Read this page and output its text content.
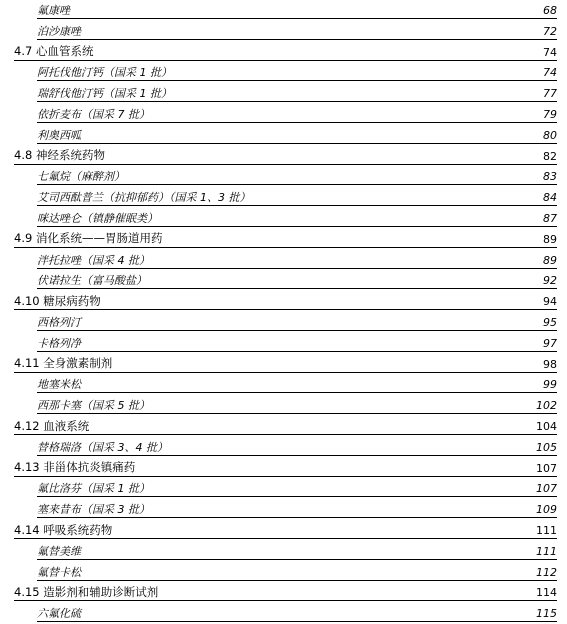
氟康唑	68
泊沙康唑	72
4.7 心血管系统	74
阿托伐他汀钙（国采 1 批）	74
瑞舒伐他汀钙（国采 1 批）	77
依折麦布（国采 7 批）	79
利奥西呱	80
4.8 神经系统药物	82
七氟烷（麻醉剂）	83
艾司西酞普兰（抗抑郁药）（国采 1、3 批）	84
咪达唑仑（镇静催眠类）	87
4.9 消化系统——胃肠道用药	89
泮托拉唑（国采 4 批）	89
伏诺拉生（富马酸盐）	92
4.10 糖尿病药物	94
西格列汀	95
卡格列净	97
4.11 全身激素制剂	98
地塞米松	99
西那卡塞（国采 5 批）	102
4.12 血液系统	104
替格瑞洛（国采 3、4 批）	105
4.13 非甾体抗炎镇痛药	107
氟比洛芬（国采 1 批）	107
塞来昔布（国采 3 批）	109
4.14 呼吸系统药物	111
氟替美维	111
氟替卡松	112
4.15 造影剂和辅助诊断试剂	114
六氟化硫	115
